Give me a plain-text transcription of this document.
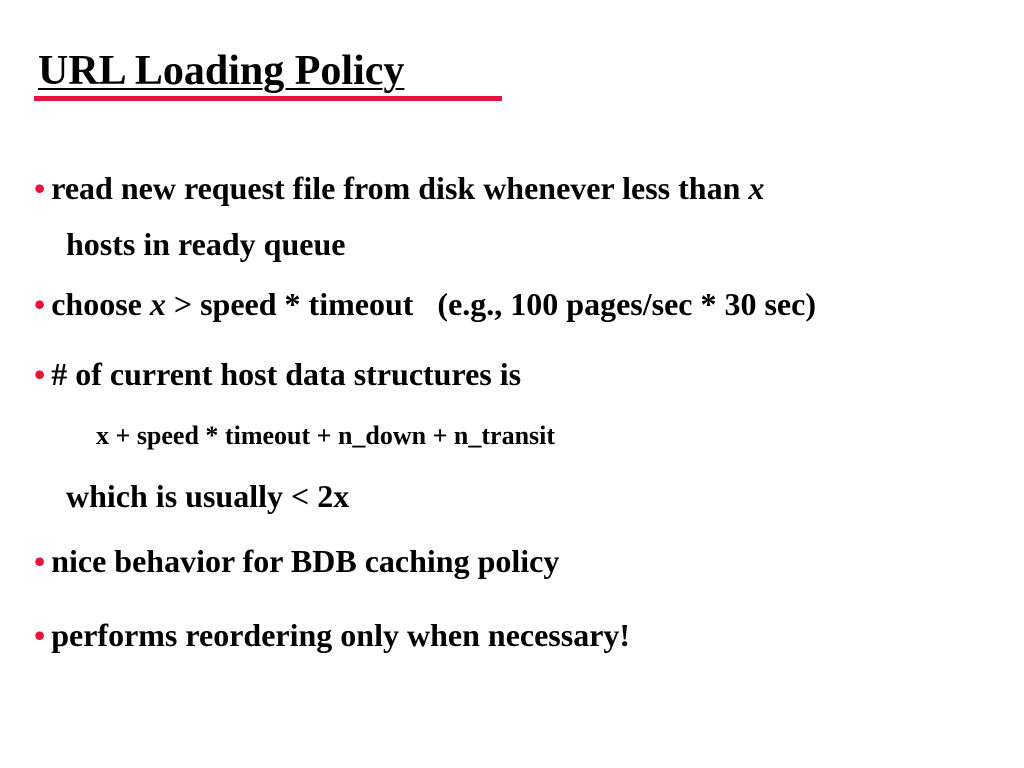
URL Loading Policy
• read new request file from disk whenever less than x
hosts in ready queue
• choose x > speed * timeout   (e.g., 100 pages/sec * 30 sec)
• # of current host data structures is
x + speed * timeout + n_down + n_transit
which is usually < 2x
• nice behavior for BDB caching policy
• performs reordering only when necessary!
